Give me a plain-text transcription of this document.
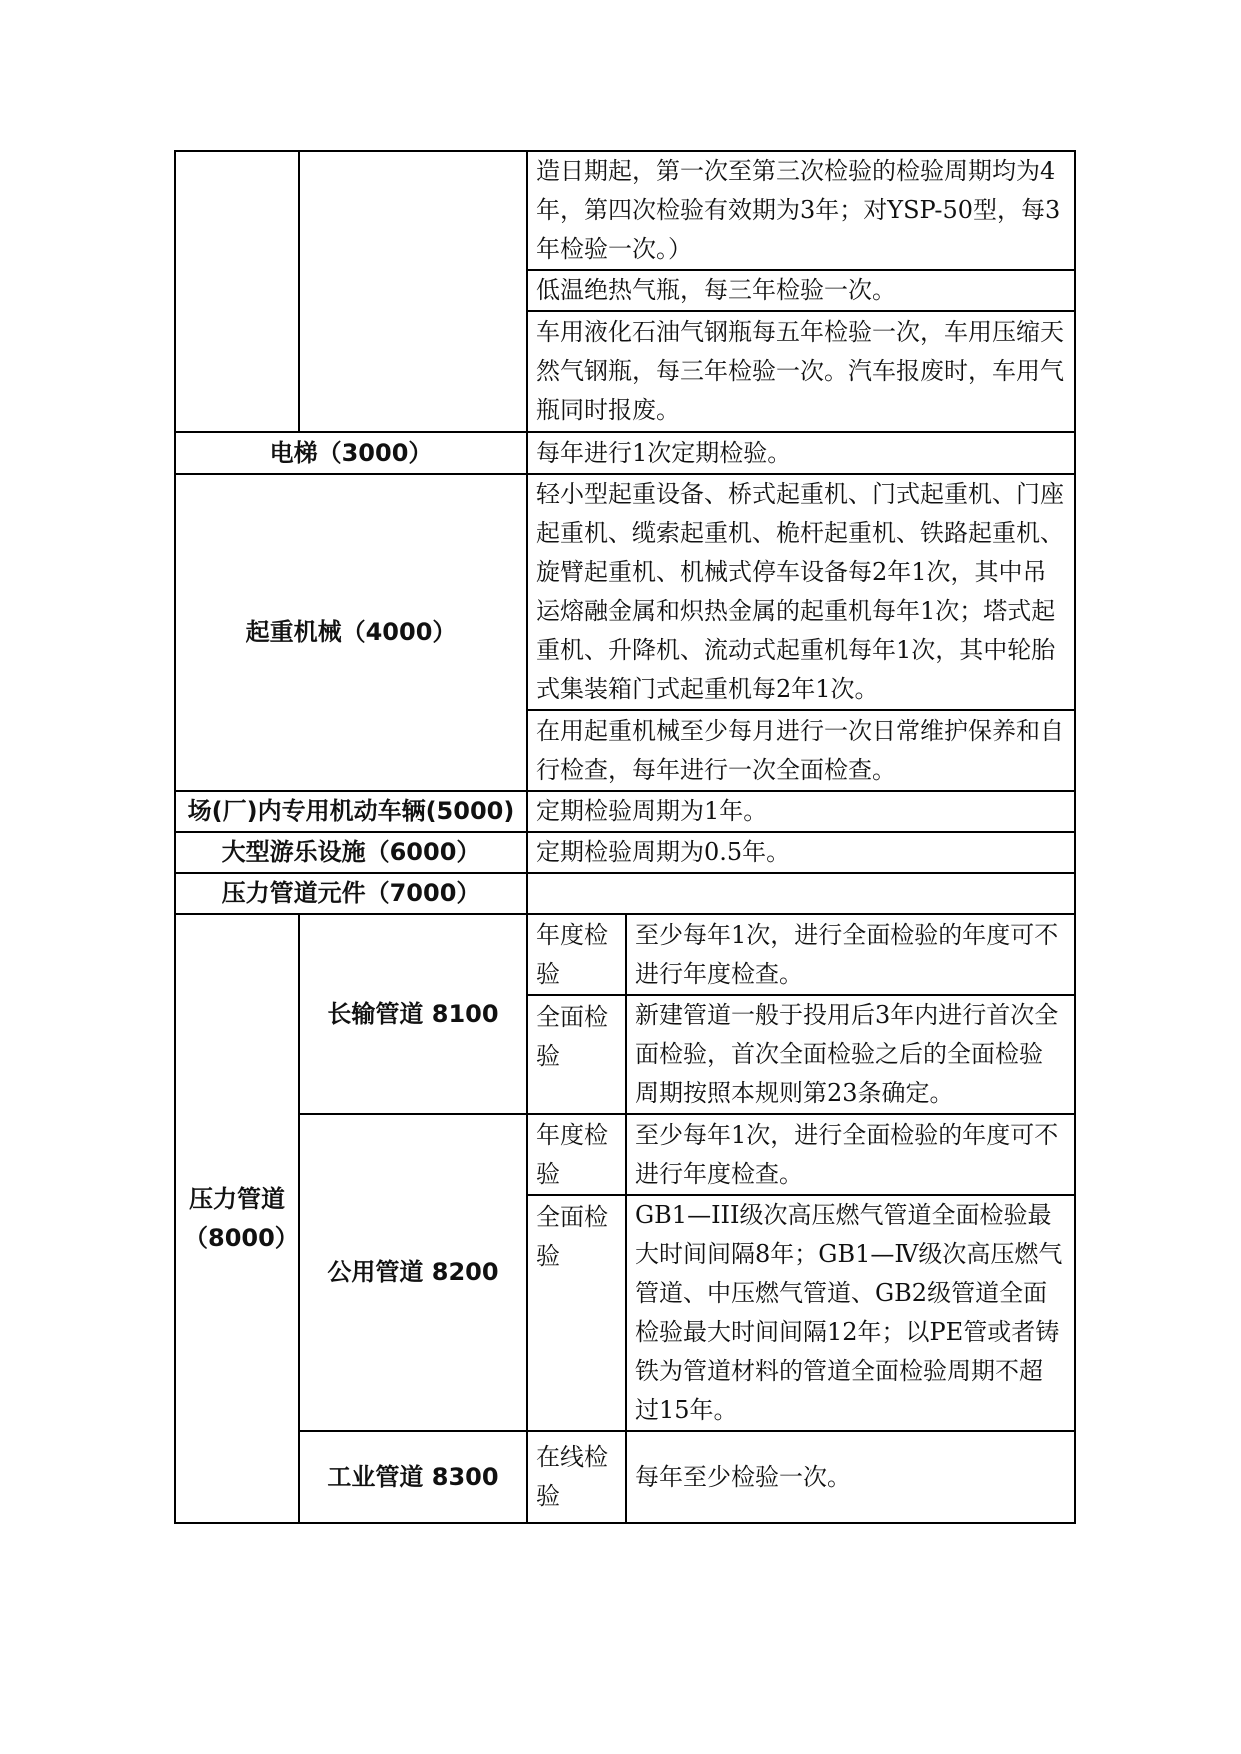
		造日期起，第一次至第三次检验的检验周期均为4年，第四次检验有效期为3年；对YSP-50型，每3年检验一次。）	
		低温绝热气瓶，每三年检验一次。	
		车用液化石油气钢瓶每五年检验一次，车用压缩天然气钢瓶，每三年检验一次。汽车报废时，车用气瓶同时报废。	
电梯（3000）		每年进行1次定期检验。	
起重机械（4000）		轻小型起重设备、桥式起重机、门式起重机、门座起重机、缆索起重机、桅杆起重机、铁路起重机、旋臂起重机、机械式停车设备每2年1次，其中吊运熔融金属和炽热金属的起重机每年1次；塔式起重机、升降机、流动式起重机每年1次，其中轮胎式集装箱门式起重机每2年1次。	
		在用起重机械至少每月进行一次日常维护保养和自行检查，每年进行一次全面检查。	
场(厂)内专用机动车辆(5000)		定期检验周期为1年。	
大型游乐设施（6000）		定期检验周期为0.5年。	
压力管道元件（7000）			

压力管道
（8000）	长输管道 8100	年度检验	至少每年1次，进行全面检验的年度可不进行年度检查。
		全面检验	新建管道一般于投用后3年内进行首次全面检验，首次全面检验之后的全面检验周期按照本规则第23条确定。
	公用管道 8200	年度检验	至少每年1次，进行全面检验的年度可不进行年度检查。
		全面检验	GB1—III级次高压燃气管道全面检验最大时间间隔8年；GB1—Ⅳ级次高压燃气管道、中压燃气管道、GB2级管道全面检验最大时间间隔12年；以PE管或者铸铁为管道材料的管道全面检验周期不超过15年。
	工业管道 8300	在线检验	每年至少检验一次。
